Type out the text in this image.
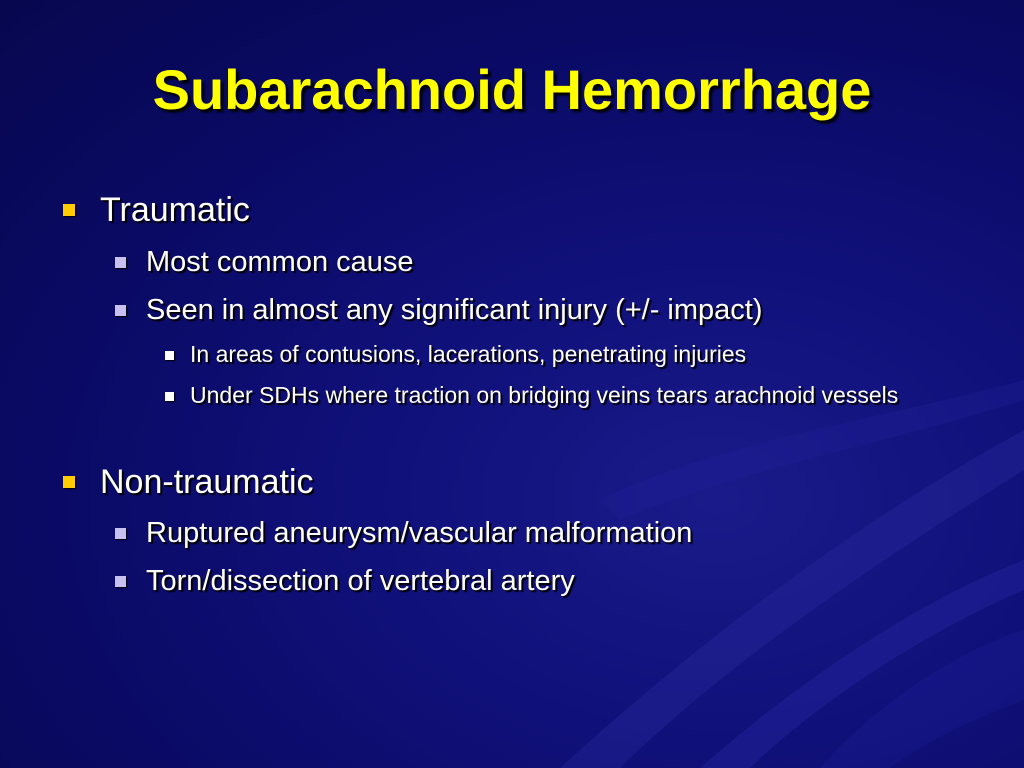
Subarachnoid Hemorrhage
Traumatic
Most common cause
Seen in almost any significant injury (+/- impact)
In areas of contusions, lacerations, penetrating injuries
Under SDHs where traction on bridging veins tears arachnoid vessels
Non-traumatic
Ruptured aneurysm/vascular malformation
Torn/dissection of vertebral artery
